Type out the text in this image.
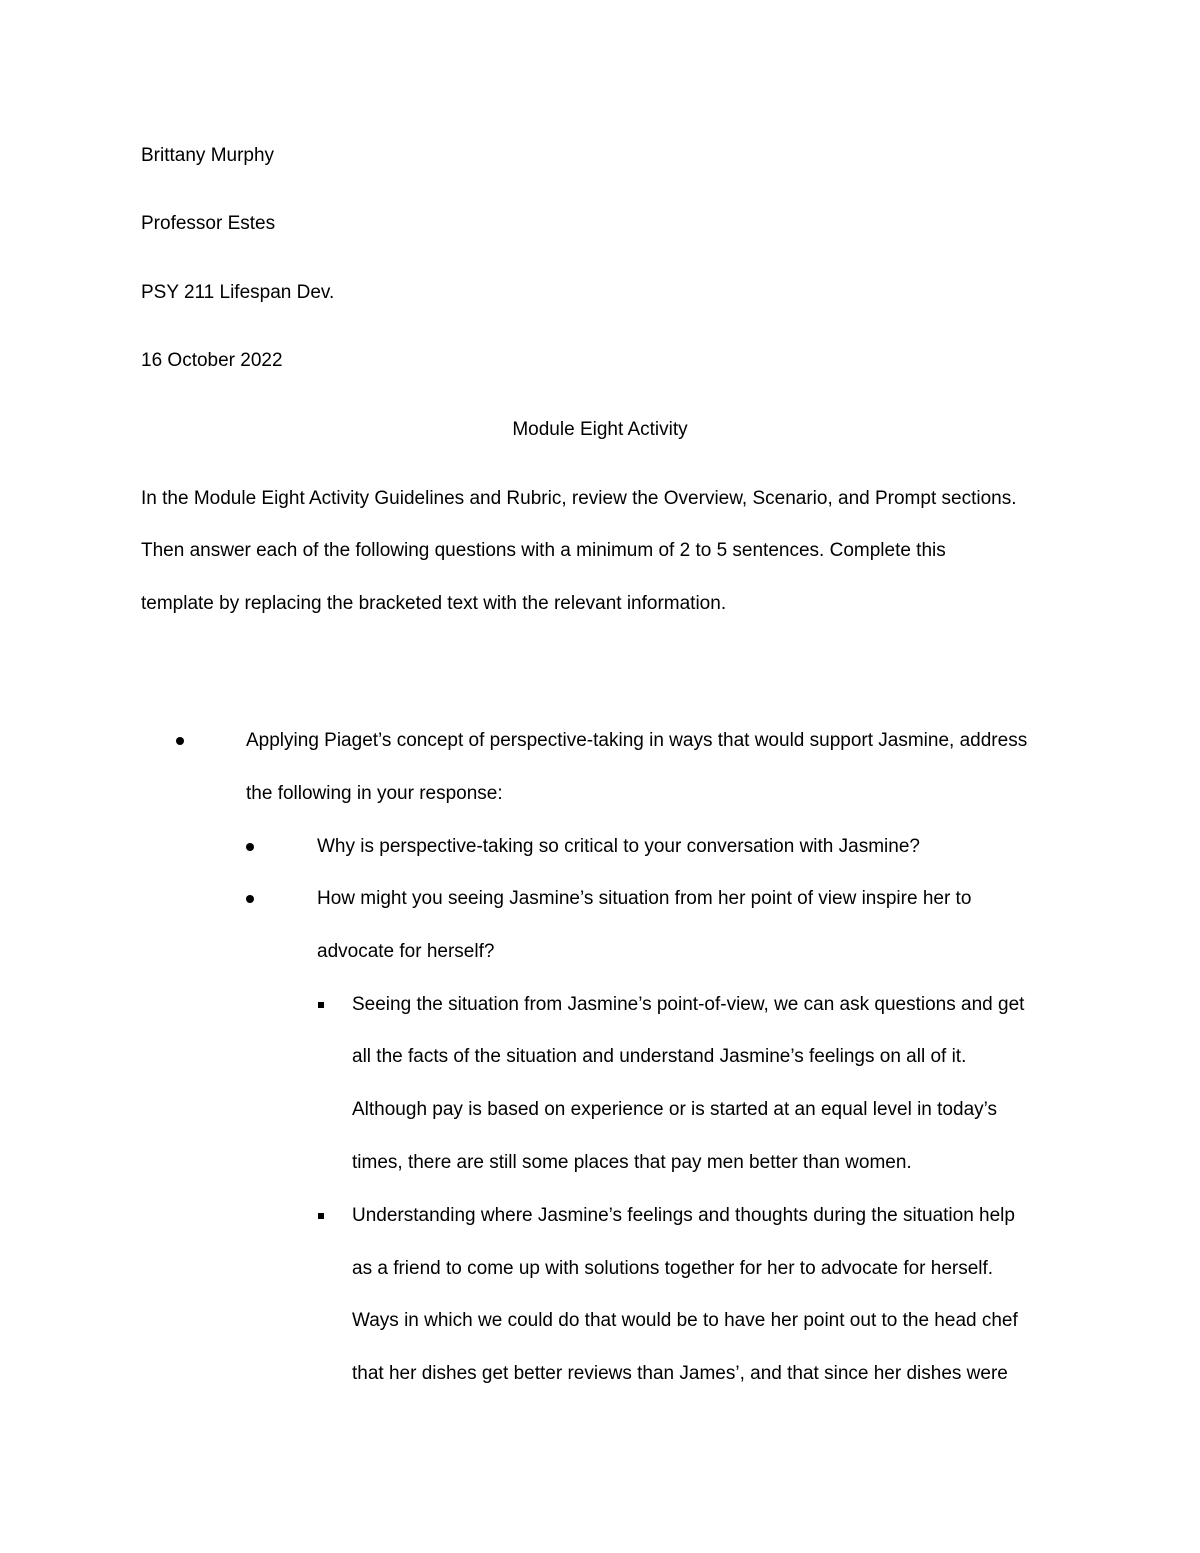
Brittany Murphy
Professor Estes
PSY 211 Lifespan Dev.
16 October 2022
Module Eight Activity
In the Module Eight Activity Guidelines and Rubric, review the Overview, Scenario, and Prompt sections.
Then answer each of the following questions with a minimum of 2 to 5 sentences. Complete this
template by replacing the bracketed text with the relevant information.
Applying Piaget’s concept of perspective-taking in ways that would support Jasmine, address
the following in your response:
Why is perspective-taking so critical to your conversation with Jasmine?
How might you seeing Jasmine’s situation from her point of view inspire her to
advocate for herself?
Seeing the situation from Jasmine’s point-of-view, we can ask questions and get
all the facts of the situation and understand Jasmine’s feelings on all of it.
Although pay is based on experience or is started at an equal level in today’s
times, there are still some places that pay men better than women.
Understanding where Jasmine’s feelings and thoughts during the situation help
as a friend to come up with solutions together for her to advocate for herself.
Ways in which we could do that would be to have her point out to the head chef
that her dishes get better reviews than James’, and that since her dishes were
